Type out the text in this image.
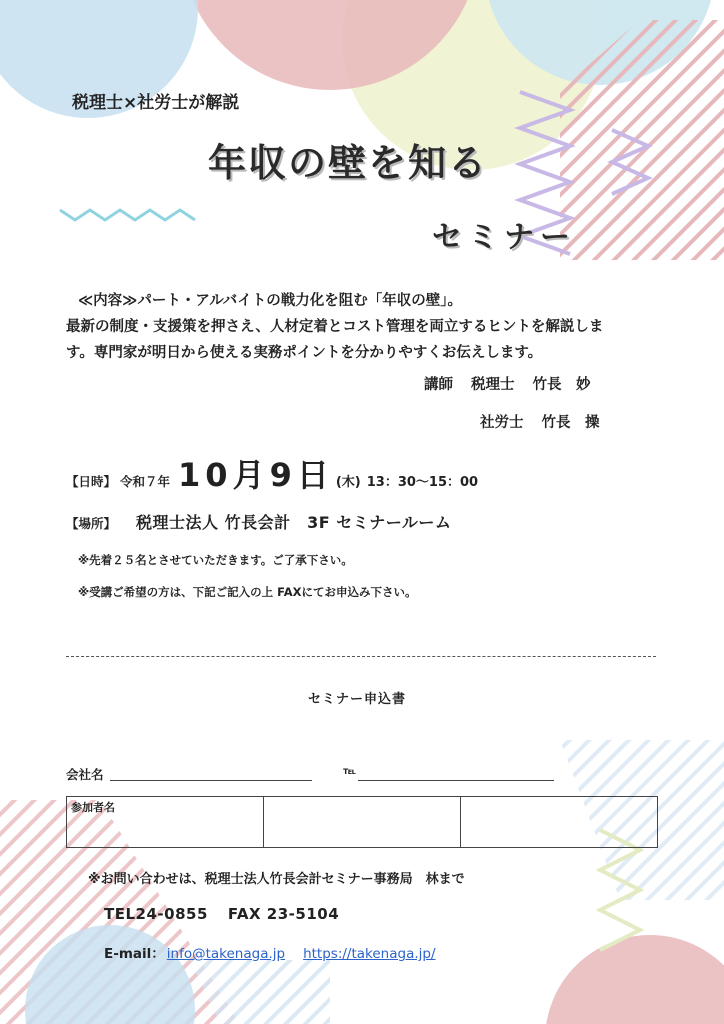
税理士×社労士が解説
年収の壁を知る
セミナー

≪内容≫パート・アルバイトの戦力化を阻む「年収の壁」。

最新の制度・支援策を押さえ、人材定着とコスト管理を両立するヒントを解説しま

す。専門家が明日から使える実務ポイントを分かりやすくお伝えします。

講師 税理士 竹長　妙
社労士 竹長　操
【日時】 令和７年 10月9日 (木) 13：30〜15：00
【場所】 税理士法人 竹長会計　3F セミナールーム
※先着２５名とさせていただきます。ご了承下さい。
※受講ご希望の方は、下記ご記入の上 FAXにてお申込み下さい。
セミナー申込書
会社名	℡
参加者名		
※お問い合わせは、税理士法人竹長会計セミナー事務局　林まで
TEL24-0855 FAX 23-5104
E-mail： info@takenaga.jp https://takenaga.jp/
